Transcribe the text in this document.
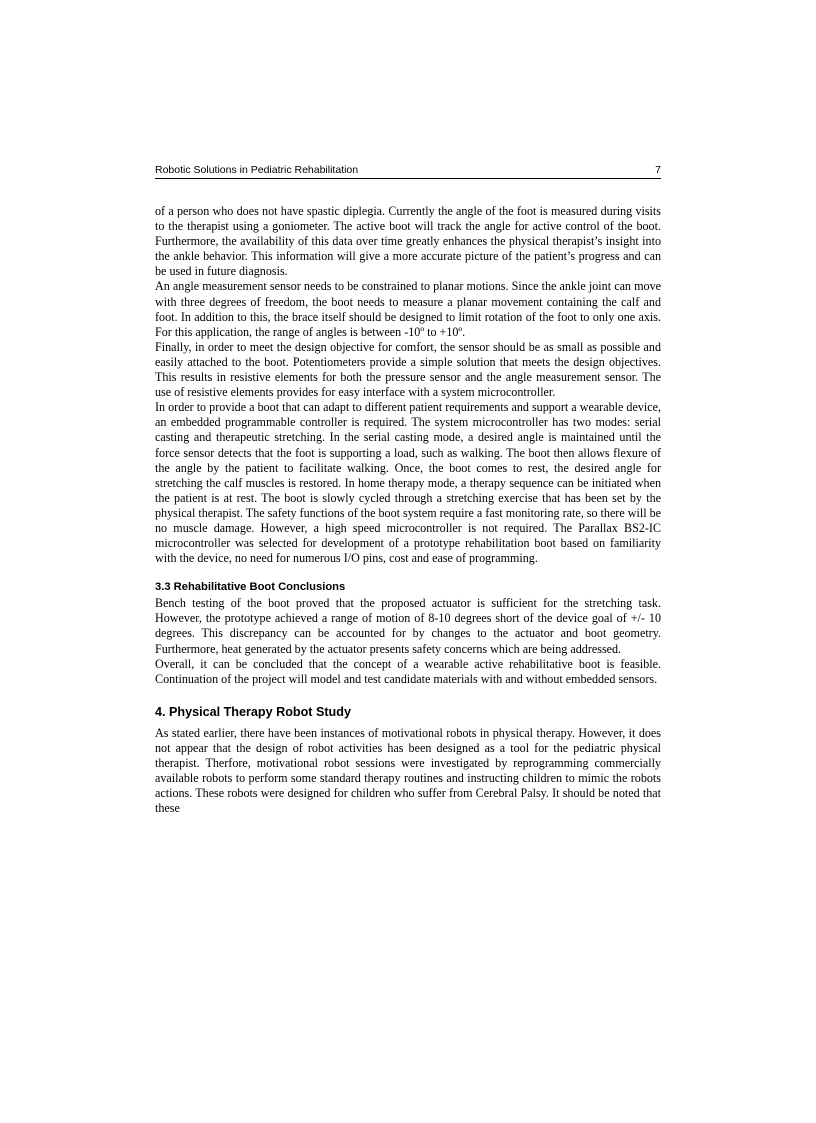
Robotic Solutions in Pediatric Rehabilitation	7

of a person who does not have spastic diplegia. Currently the angle of the foot is measured during visits to the therapist using a goniometer. The active boot will track the angle for active control of the boot. Furthermore, the availability of this data over time greatly enhances the physical therapist’s insight into the ankle behavior. This information will give a more accurate picture of the patient’s progress and can be used in future diagnosis.

An angle measurement sensor needs to be constrained to planar motions. Since the ankle joint can move with three degrees of freedom, the boot needs to measure a planar movement containing the calf and foot. In addition to this, the brace itself should be designed to limit rotation of the foot to only one axis. For this application, the range of angles is between -10º to +10º.

Finally, in order to meet the design objective for comfort, the sensor should be as small as possible and easily attached to the boot. Potentiometers provide a simple solution that meets the design objectives. This results in resistive elements for both the pressure sensor and the angle measurement sensor. The use of resistive elements provides for easy interface with a system microcontroller.

In order to provide a boot that can adapt to different patient requirements and support a wearable device, an embedded programmable controller is required. The system microcontroller has two modes: serial casting and therapeutic stretching. In the serial casting mode, a desired angle is maintained until the force sensor detects that the foot is supporting a load, such as walking. The boot then allows flexure of the angle by the patient to facilitate walking. Once, the boot comes to rest, the desired angle for stretching the calf muscles is restored. In home therapy mode, a therapy sequence can be initiated when the patient is at rest. The boot is slowly cycled through a stretching exercise that has been set by the physical therapist. The safety functions of the boot system require a fast monitoring rate, so there will be no muscle damage. However, a high speed microcontroller is not required. The Parallax BS2-IC microcontroller was selected for development of a prototype rehabilitation boot based on familiarity with the device, no need for numerous I/O pins, cost and ease of programming.

3.3 Rehabilitative Boot Conclusions

Bench testing of the boot proved that the proposed actuator is sufficient for the stretching task. However, the prototype achieved a range of motion of 8-10 degrees short of the device goal of +/- 10 degrees. This discrepancy can be accounted for by changes to the actuator and boot geometry. Furthermore, heat generated by the actuator presents safety concerns which are being addressed.

Overall, it can be concluded that the concept of a wearable active rehabilitative boot is feasible. Continuation of the project will model and test candidate materials with and without embedded sensors.

4. Physical Therapy Robot Study

As stated earlier, there have been instances of motivational robots in physical therapy. However, it does not appear that the design of robot activities has been designed as a tool for the pediatric physical therapist. Therfore, motivational robot sessions were investigated by reprogramming commercially available robots to perform some standard therapy routines and instructing children to mimic the robots actions. These robots were designed for children who suffer from Cerebral Palsy. It should be noted that these
